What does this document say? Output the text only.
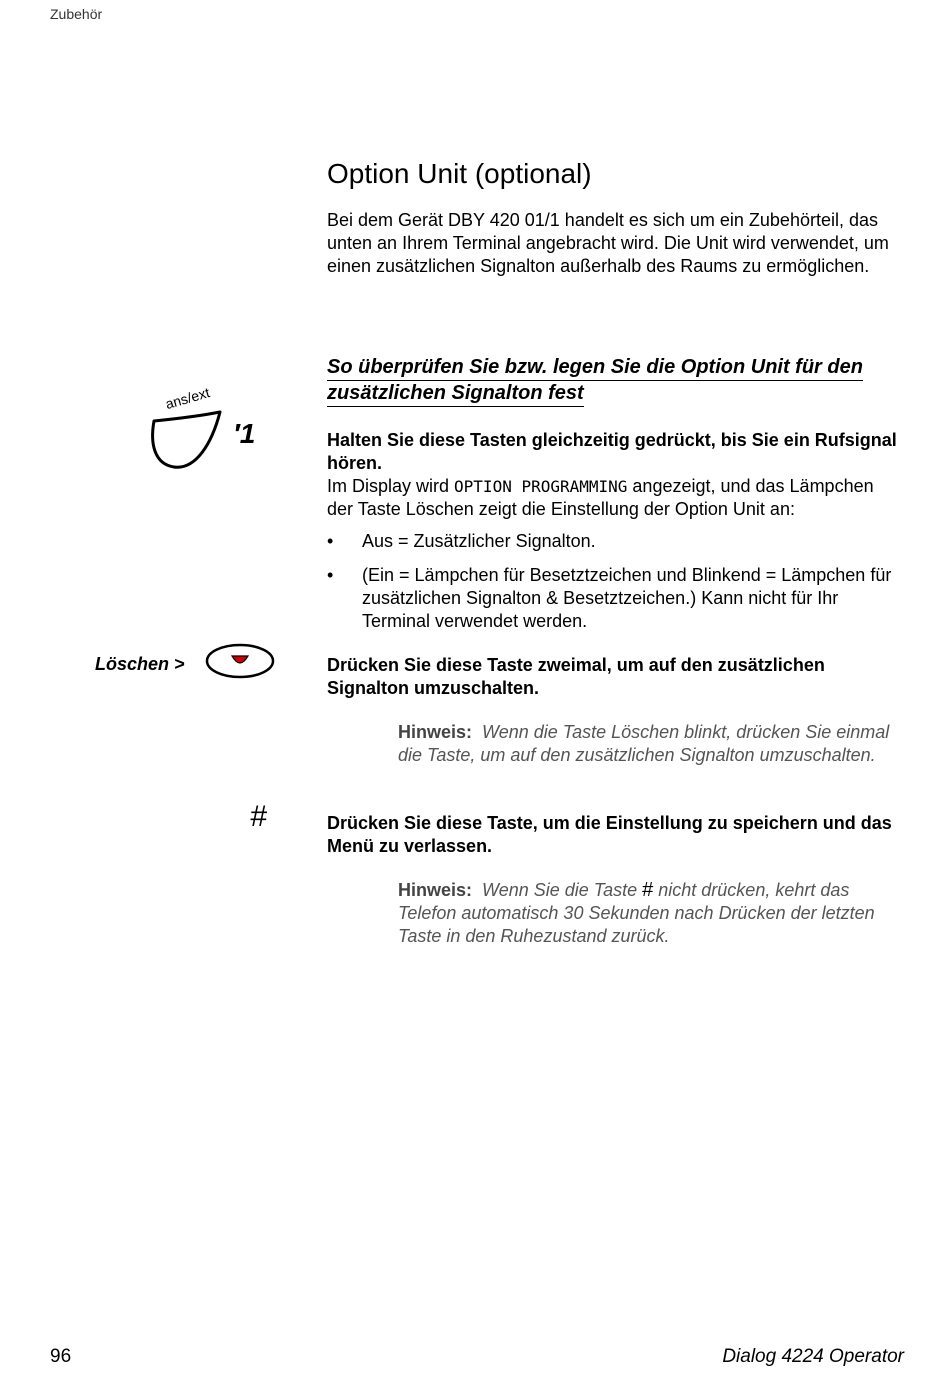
Zubehör
Option Unit (optional)

Bei dem Gerät DBY 420 01/1 handelt es sich um ein Zubehörteil, das unten an Ihrem Terminal angebracht wird. Die Unit wird verwendet, um einen zusätzlichen Signalton außerhalb des Raums zu ermöglichen.

So überprüfen Sie bzw. legen Sie die Option Unit für den
zusätzlichen Signalton fest
ans/ext
′1	Halten Sie diese Tasten gleichzeitig gedrückt, bis Sie ein Rufsignal hören.
Im Display wird OPTION PROGRAMMING angezeigt, und das Lämpchen der Taste Löschen zeigt die Einstellung der Option Unit an:
• Aus = Zusätzlicher Signalton.
• (Ein = Lämpchen für Besetztzeichen und Blinkend = Lämpchen für zusätzlichen Signalton & Besetztzeichen.) Kann nicht für Ihr Terminal verwendet werden.
Löschen >	Drücken Sie diese Taste zweimal, um auf den zusätzlichen Signalton umzuschalten.

Hinweis: Wenn die Taste Löschen blinkt, drücken Sie einmal die Taste, um auf den zusätzlichen Signalton umzuschalten.

#	Drücken Sie diese Taste, um die Einstellung zu speichern und das Menü zu verlassen.

Hinweis: Wenn Sie die Taste # nicht drücken, kehrt das Telefon automatisch 30 Sekunden nach Drücken der letzten Taste in den Ruhezustand zurück.

96	Dialog 4224 Operator
